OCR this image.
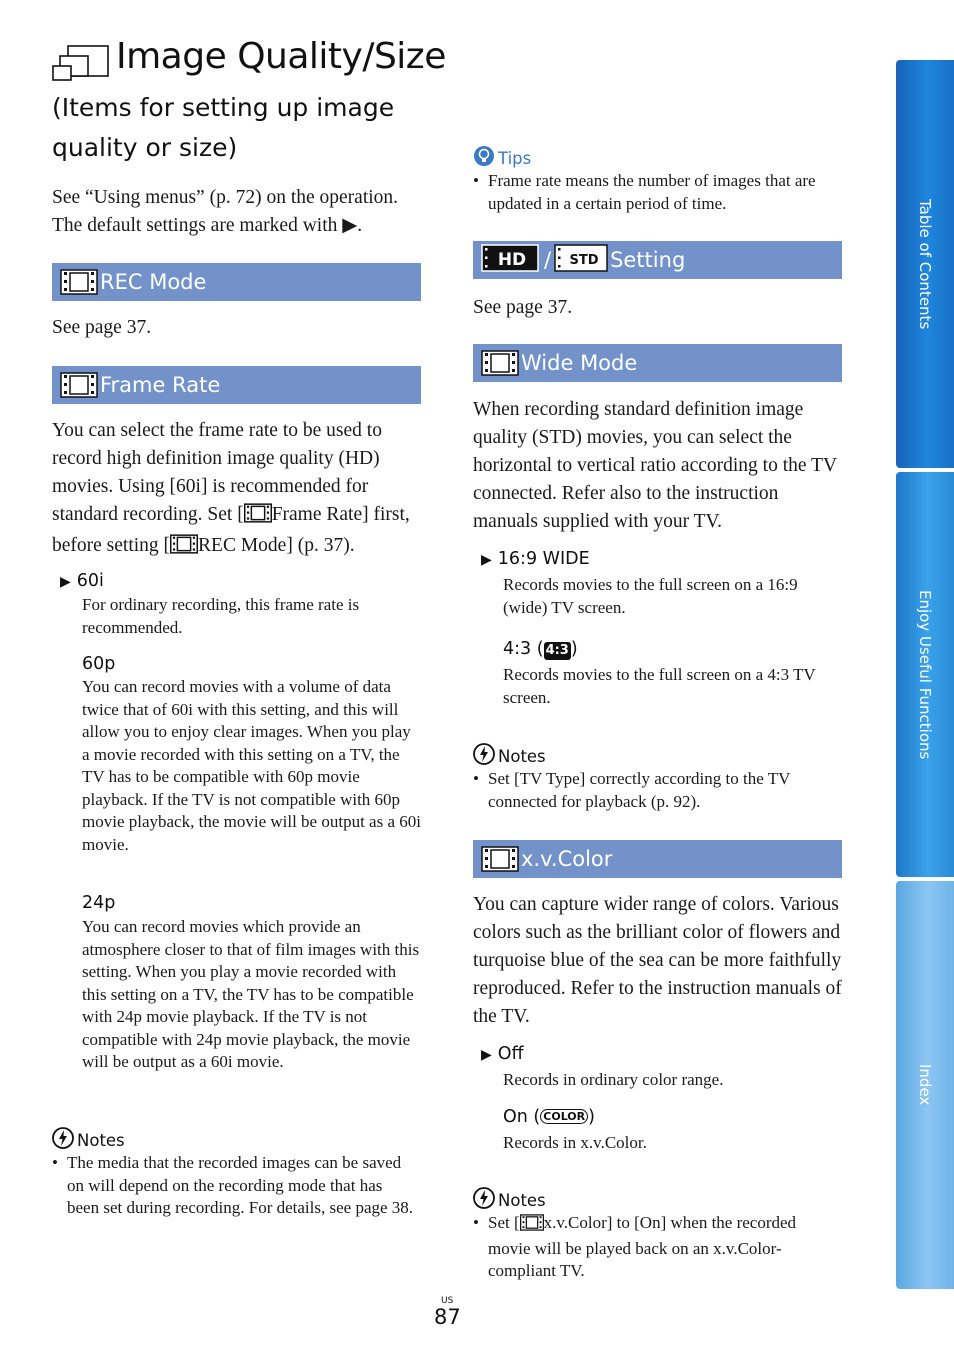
Image Quality/Size
(Items for setting up image quality or size)
See “Using menus” (p. 72) on the operation.
The default settings are marked with ▶.
REC Mode
See page 37.
Frame Rate
You can select the frame rate to be used to record high definition image quality (HD) movies. Using [60i] is recommended for standard recording. Set [ Frame Rate] first, before setting [ REC Mode] (p. 37).
▶ 60i
For ordinary recording, this frame rate is recommended.
60p
You can record movies with a volume of data twice that of 60i with this setting, and this will allow you to enjoy clear images. When you play a movie recorded with this setting on a TV, the TV has to be compatible with 60p movie playback. If the TV is not compatible with 60p movie playback, the movie will be output as a 60i movie.
24p
You can record movies which provide an atmosphere closer to that of film images with this setting. When you play a movie recorded with this setting on a TV, the TV has to be compatible with 24p movie playback. If the TV is not compatible with 24p movie playback, the movie will be output as a 60i movie.
Notes
• The media that the recorded images can be saved on will depend on the recording mode that has been set during recording. For details, see page 38.
Tips
• Frame rate means the number of images that are updated in a certain period of time.
HD / STD Setting
See page 37.
Wide Mode
When recording standard definition image quality (STD) movies, you can select the horizontal to vertical ratio according to the TV connected. Refer also to the instruction manuals supplied with your TV.
▶ 16:9 WIDE
Records movies to the full screen on a 16:9 (wide) TV screen.
4:3 ( 4:3 )
Records movies to the full screen on a 4:3 TV screen.
Notes
• Set [TV Type] correctly according to the TV connected for playback (p. 92).
x.v.Color
You can capture wider range of colors. Various colors such as the brilliant color of flowers and turquoise blue of the sea can be more faithfully reproduced. Refer to the instruction manuals of the TV.
▶ Off
Records in ordinary color range.
On ( COLOR )
Records in x.v.Color.
Notes
• Set [ x.v.Color] to [On] when the recorded movie will be played back on an x.v.Color-compliant TV.
Table of Contents
Enjoy Useful Functions
Index
US
87
